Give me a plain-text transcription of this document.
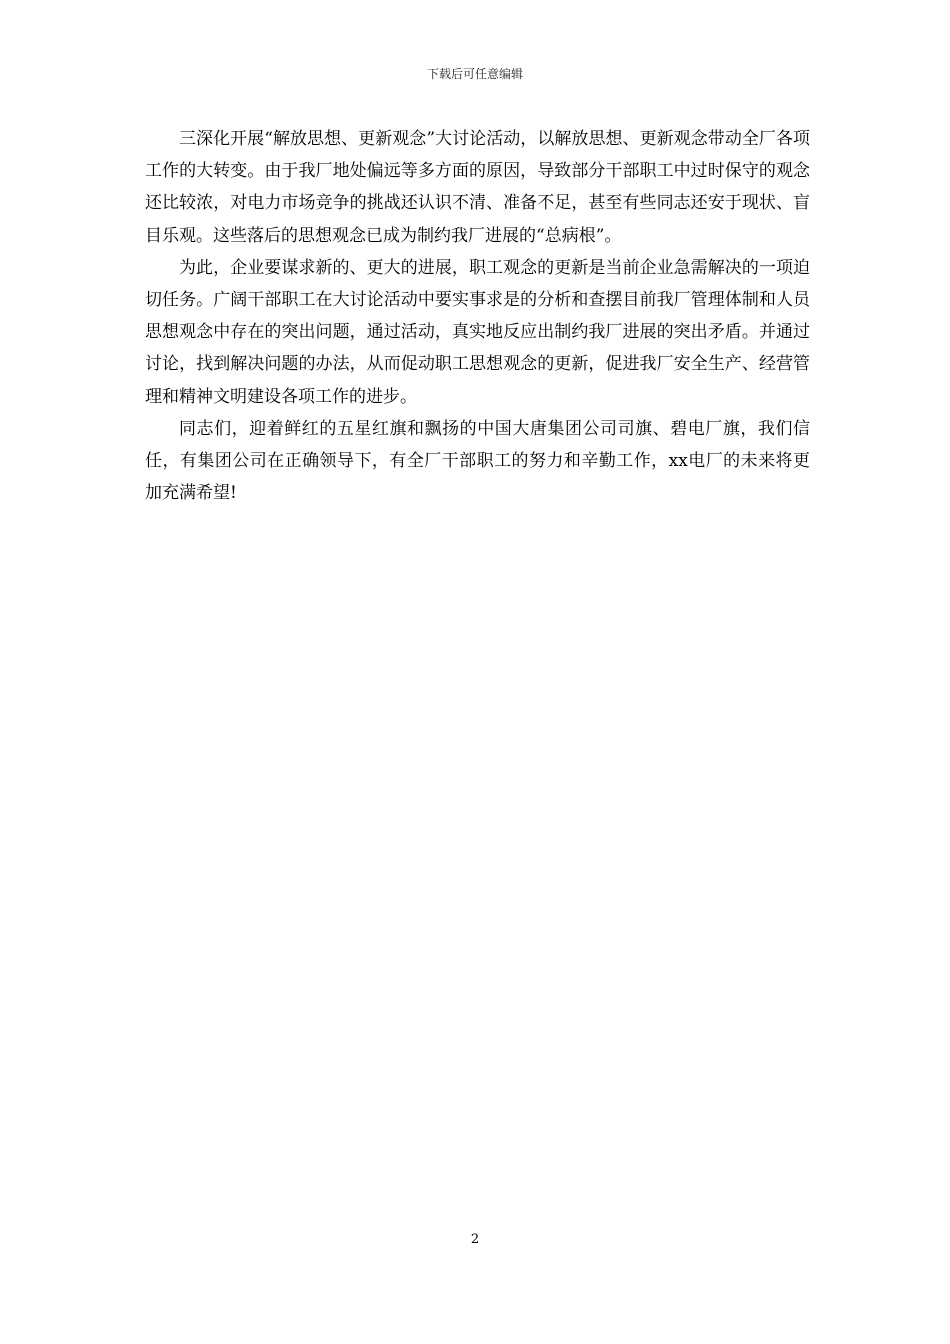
下载后可任意编辑

三深化开展“解放思想、更新观念”大讨论活动，以解放思想、更新观念带动全厂各项工作的大转变。由于我厂地处偏远等多方面的原因，导致部分干部职工中过时保守的观念还比较浓，对电力市场竞争的挑战还认识不清、准备不足，甚至有些同志还安于现状、盲目乐观。这些落后的思想观念已成为制约我厂进展的“总病根”。

为此，企业要谋求新的、更大的进展，职工观念的更新是当前企业急需解决的一项迫切任务。广阔干部职工在大讨论活动中要实事求是的分析和查摆目前我厂管理体制和人员思想观念中存在的突出问题，通过活动，真实地反应出制约我厂进展的突出矛盾。并通过讨论，找到解决问题的办法，从而促动职工思想观念的更新，促进我厂安全生产、经营管理和精神文明建设各项工作的进步。

同志们，迎着鲜红的五星红旗和飘扬的中国大唐集团公司司旗、碧电厂旗，我们信任，有集团公司在正确领导下，有全厂干部职工的努力和辛勤工作，xx电厂的未来将更加充满希望!

2
